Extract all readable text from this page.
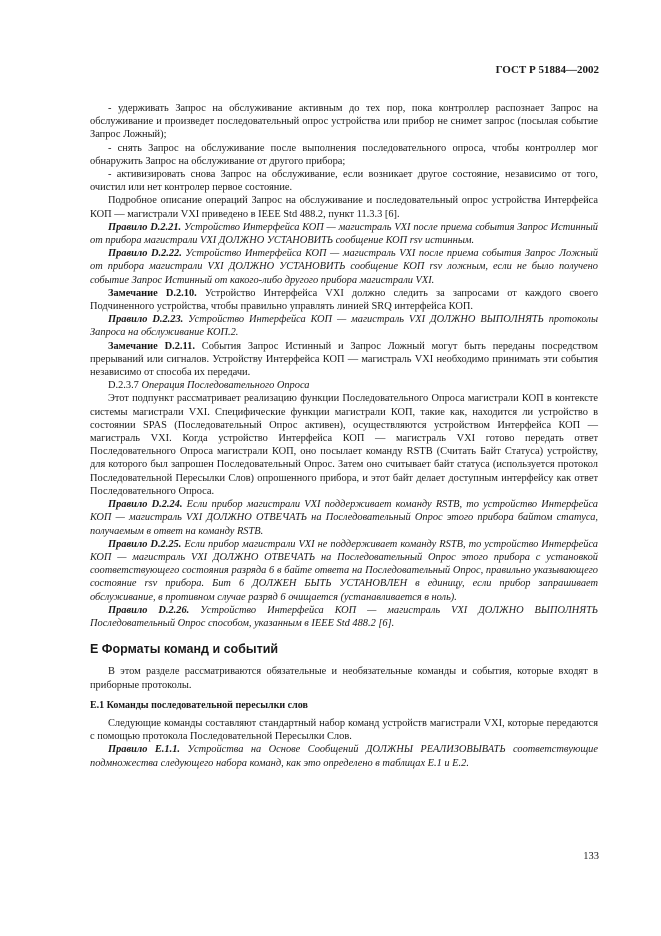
ГОСТ Р 51884—2002

- удерживать Запрос на обслуживание активным до тех пор, пока контроллер распознает Запрос на обслуживание и произведет последовательный опрос устройства или прибор не снимет запрос (посылая событие Запрос Ложный);

- снять Запрос на обслуживание после выполнения последовательного опроса, чтобы контроллер мог обнаружить Запрос на обслуживание от другого прибора;

- активизировать снова Запрос на обслуживание, если возникает другое состояние, независимо от того, очистил или нет контролер первое состояние.

Подробное описание операций Запрос на обслуживание и последовательный опрос устройства Интерфейса КОП — магистрали VXI приведено в IEEE Std 488.2, пункт 11.3.3 [6].

Правило D.2.21. Устройство Интерфейса КОП — магистраль VXI после приема события Запрос Истинный от прибора магистрали VXI ДОЛЖНО УСТАНОВИТЬ сообщение КОП rsv истинным.

Правило D.2.22. Устройство Интерфейса КОП — магистраль VXI после приема события Запрос Ложный от прибора магистрали VXI ДОЛЖНО УСТАНОВИТЬ сообщение КОП rsv ложным, если не было получено событие Запрос Истинный от какого-либо другого прибора магистрали VXI.

Замечание D.2.10. Устройство Интерфейса VXI должно следить за запросами от каждого своего Подчиненного устройства, чтобы правильно управлять линией SRQ интерфейса КОП.

Правило D.2.23. Устройство Интерфейса КОП — магистраль VXI ДОЛЖНО ВЫПОЛНЯТЬ протоколы Запроса на обслуживание КОП.2.

Замечание D.2.11. События Запрос Истинный и Запрос Ложный могут быть переданы посредством прерываний или сигналов. Устройству Интерфейса КОП — магистраль VXI необходимо принимать эти события независимо от способа их передачи.

D.2.3.7 Операция Последовательного Опроса

Этот подпункт рассматривает реализацию функции Последовательного Опроса магистрали КОП в контексте системы магистрали VXI. Специфические функции магистрали КОП, такие как, находится ли устройство в состоянии SPAS (Последовательный Опрос активен), осуществляются устройством Интерфейса КОП — магистраль VXI. Когда устройство Интерфейса КОП — магистраль VXI готово передать ответ Последовательного Опроса магистрали КОП, оно посылает команду RSTB (Считать Байт Статуса) устройству, для которого был запрошен Последовательный Опрос. Затем оно считывает байт статуса (используется протокол Последовательной Пересылки Слов) опрошенного прибора, и этот байт делает доступным интерфейсу как ответ Последовательного Опроса.

Правило D.2.24. Если прибор магистрали VXI поддерживает команду RSTB, то устройство Интерфейса КОП — магистраль VXI ДОЛЖНО ОТВЕЧАТЬ на Последовательный Опрос этого прибора байтом статуса, получаемым в ответ на команду RSTB.

Правило D.2.25. Если прибор магистрали VXI не поддерживает команду RSTB, то устройство Интерфейса КОП — магистраль VXI ДОЛЖНО ОТВЕЧАТЬ на Последовательный Опрос этого прибора с установкой соответствующего состояния разряда 6 в байте ответа на Последовательный Опрос, правильно указывающего состояние rsv прибора. Бит 6 ДОЛЖЕН БЫТЬ УСТАНОВЛЕН в единицу, если прибор запрашивает обслуживание, в противном случае разряд 6 очищается (устанавливается в ноль).

Правило D.2.26. Устройство Интерфейса КОП — магистраль VXI ДОЛЖНО ВЫПОЛНЯТЬ Последовательный Опрос способом, указанным в IEEE Std 488.2 [6].

Е Форматы команд и событий

В этом разделе рассматриваются обязательные и необязательные команды и события, которые входят в приборные протоколы.

Е.1 Команды последовательной пересылки слов

Следующие команды составляют стандартный набор команд устройств магистрали VXI, которые передаются с помощью протокола Последовательной Пересылки Слов.

Правило Е.1.1. Устройства на Основе Сообщений ДОЛЖНЫ РЕАЛИЗОВЫВАТЬ соответствующие подмножества следующего набора команд, как это определено в таблицах Е.1 и Е.2.

133
